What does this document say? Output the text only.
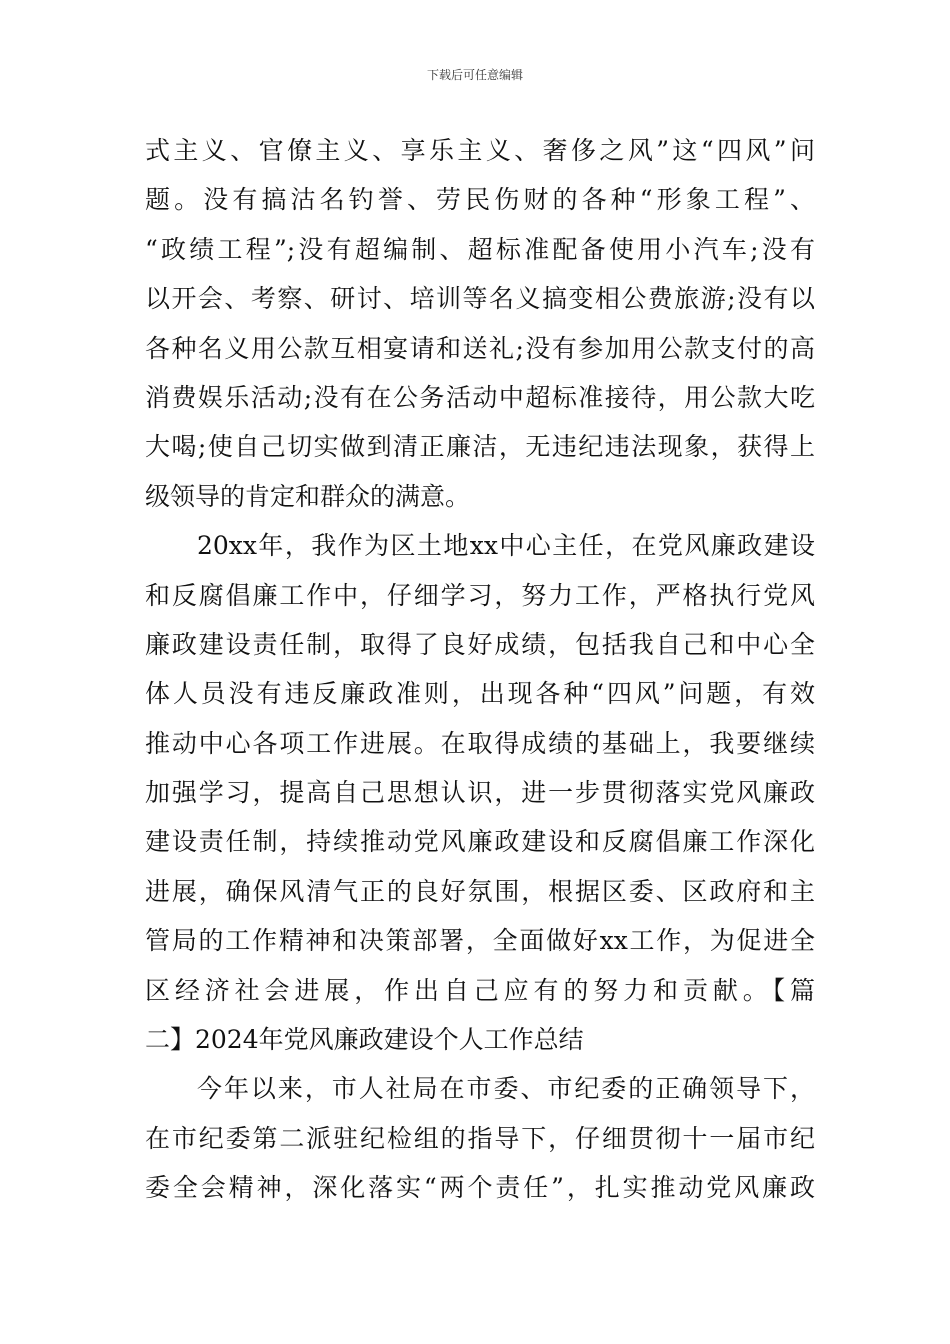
下载后可任意编辑
式主义、官僚主义、享乐主义、奢侈之风”这“四风”问
题。没有搞沽名钓誉、劳民伤财的各种“形象工程”、
“政绩工程”;没有超编制、超标准配备使用小汽车;没有
以开会、考察、研讨、培训等名义搞变相公费旅游;没有以
各种名义用公款互相宴请和送礼;没有参加用公款支付的高
消费娱乐活动;没有在公务活动中超标准接待，用公款大吃
大喝;使自己切实做到清正廉洁，无违纪违法现象，获得上
级领导的肯定和群众的满意。
20xx年，我作为区土地xx中心主任，在党风廉政建设
和反腐倡廉工作中，仔细学习，努力工作，严格执行党风
廉政建设责任制，取得了良好成绩，包括我自己和中心全
体人员没有违反廉政准则，出现各种“四风”问题，有效
推动中心各项工作进展。在取得成绩的基础上，我要继续
加强学习，提高自己思想认识，进一步贯彻落实党风廉政
建设责任制，持续推动党风廉政建设和反腐倡廉工作深化
进展，确保风清气正的良好氛围，根据区委、区政府和主
管局的工作精神和决策部署，全面做好xx工作，为促进全
区经济社会进展，作出自己应有的努力和贡献。【篇
二】2024年党风廉政建设个人工作总结
今年以来，市人社局在市委、市纪委的正确领导下，
在市纪委第二派驻纪检组的指导下，仔细贯彻十一届市纪
委全会精神，深化落实“两个责任”，扎实推动党风廉政
